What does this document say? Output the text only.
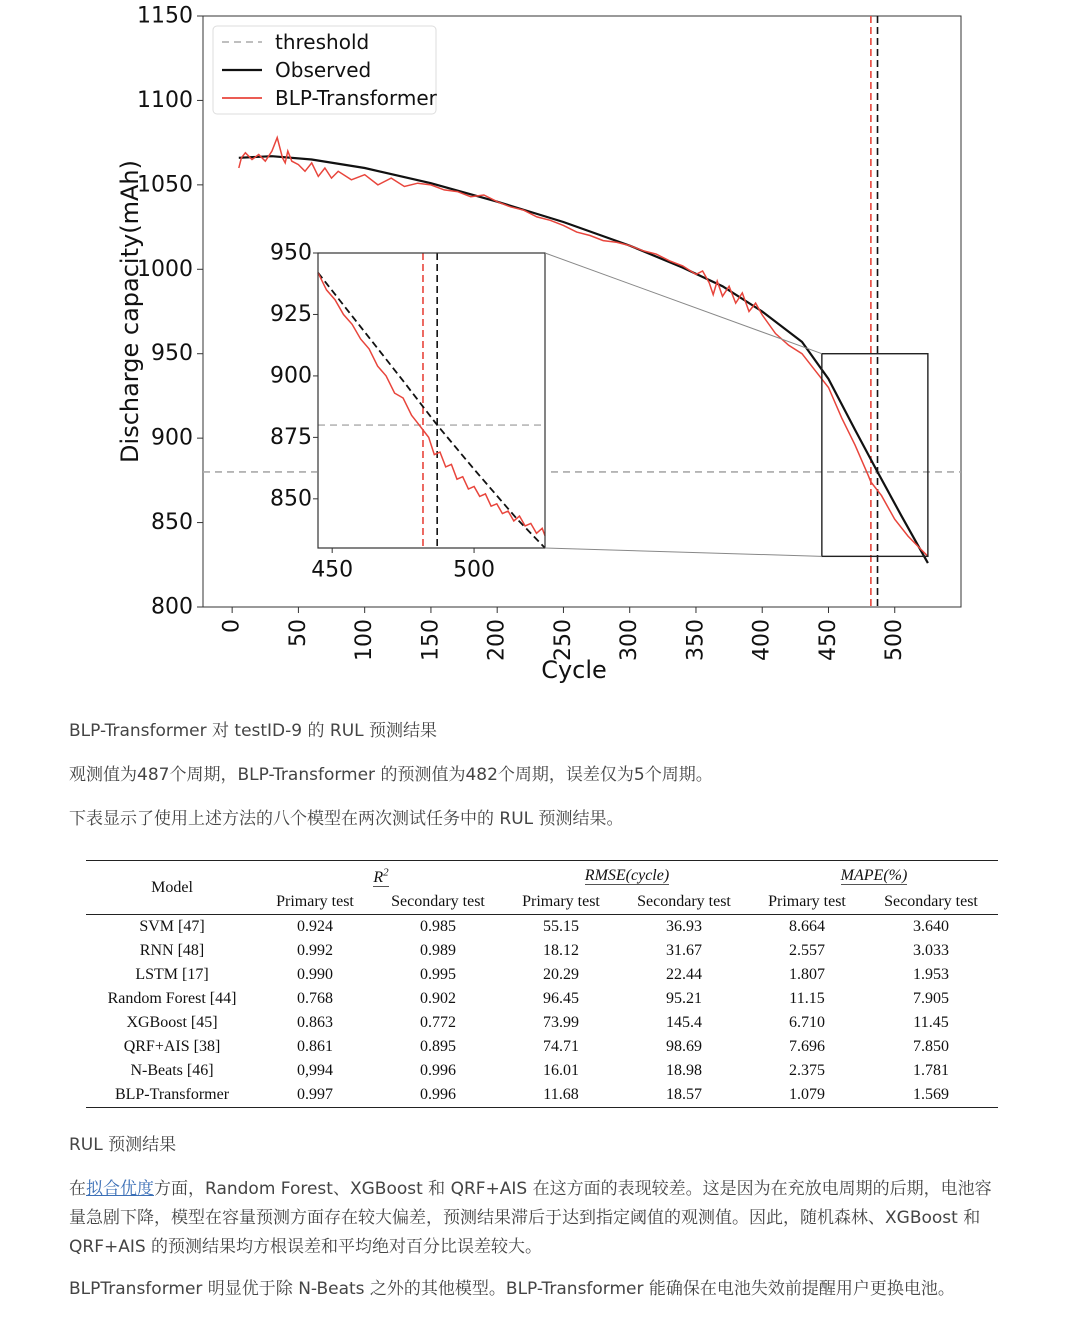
0 50 100 150 200 250 300 350 400 450 500
800
850
900
950
1000
1050
1100
1150
Cycle
Discharge capacity(mAh)
850
875
900
925
950
450	500
threshold
Observed
BLP-Transformer
BLP-Transformer 对 testID-9 的 RUL 预测结果
观测值为487个周期，BLP-Transformer 的预测值为482个周期，误差仅为5个周期。
下表显示了使用上述方法的八个模型在两次测试任务中的 RUL 预测结果。
Model	$R^2$		RMSE(cycle)		MAPE(%)	
	Primary test	Secondary test	Primary test	Secondary test	Primary test	Secondary test
SVM [47]	0.924	0.985	55.15	36.93	8.664	3.640
RNN [48]	0.992	0.989	18.12	31.67	2.557	3.033
LSTM [17]	0.990	0.995	20.29	22.44	1.807	1.953
Random Forest [44]	0.768	0.902	96.45	95.21	11.15	7.905
XGBoost [45]	0.863	0.772	73.99	145.4	6.710	11.45
QRF+AIS [38]	0.861	0.895	74.71	98.69	7.696	7.850
N-Beats [46]	0,994	0.996	16.01	18.98	2.375	1.781
BLP-Transformer	0.997	0.996	11.68	18.57	1.079	1.569
RUL 预测结果
在拟合优度方面，Random Forest、XGBoost 和 QRF+AIS 在这方面的表现较差。这是因为在充放电周期的后期，电池容量急剧下降，模型在容量预测方面存在较大偏差，预测结果滞后于达到指定阈值的观测值。因此，随机森林、XGBoost 和 QRF+AIS 的预测结果均方根误差和平均绝对百分比误差较大。
BLPTransformer 明显优于除 N-Beats 之外的其他模型。BLP-Transformer 能确保在电池失效前提醒用户更换电池。
